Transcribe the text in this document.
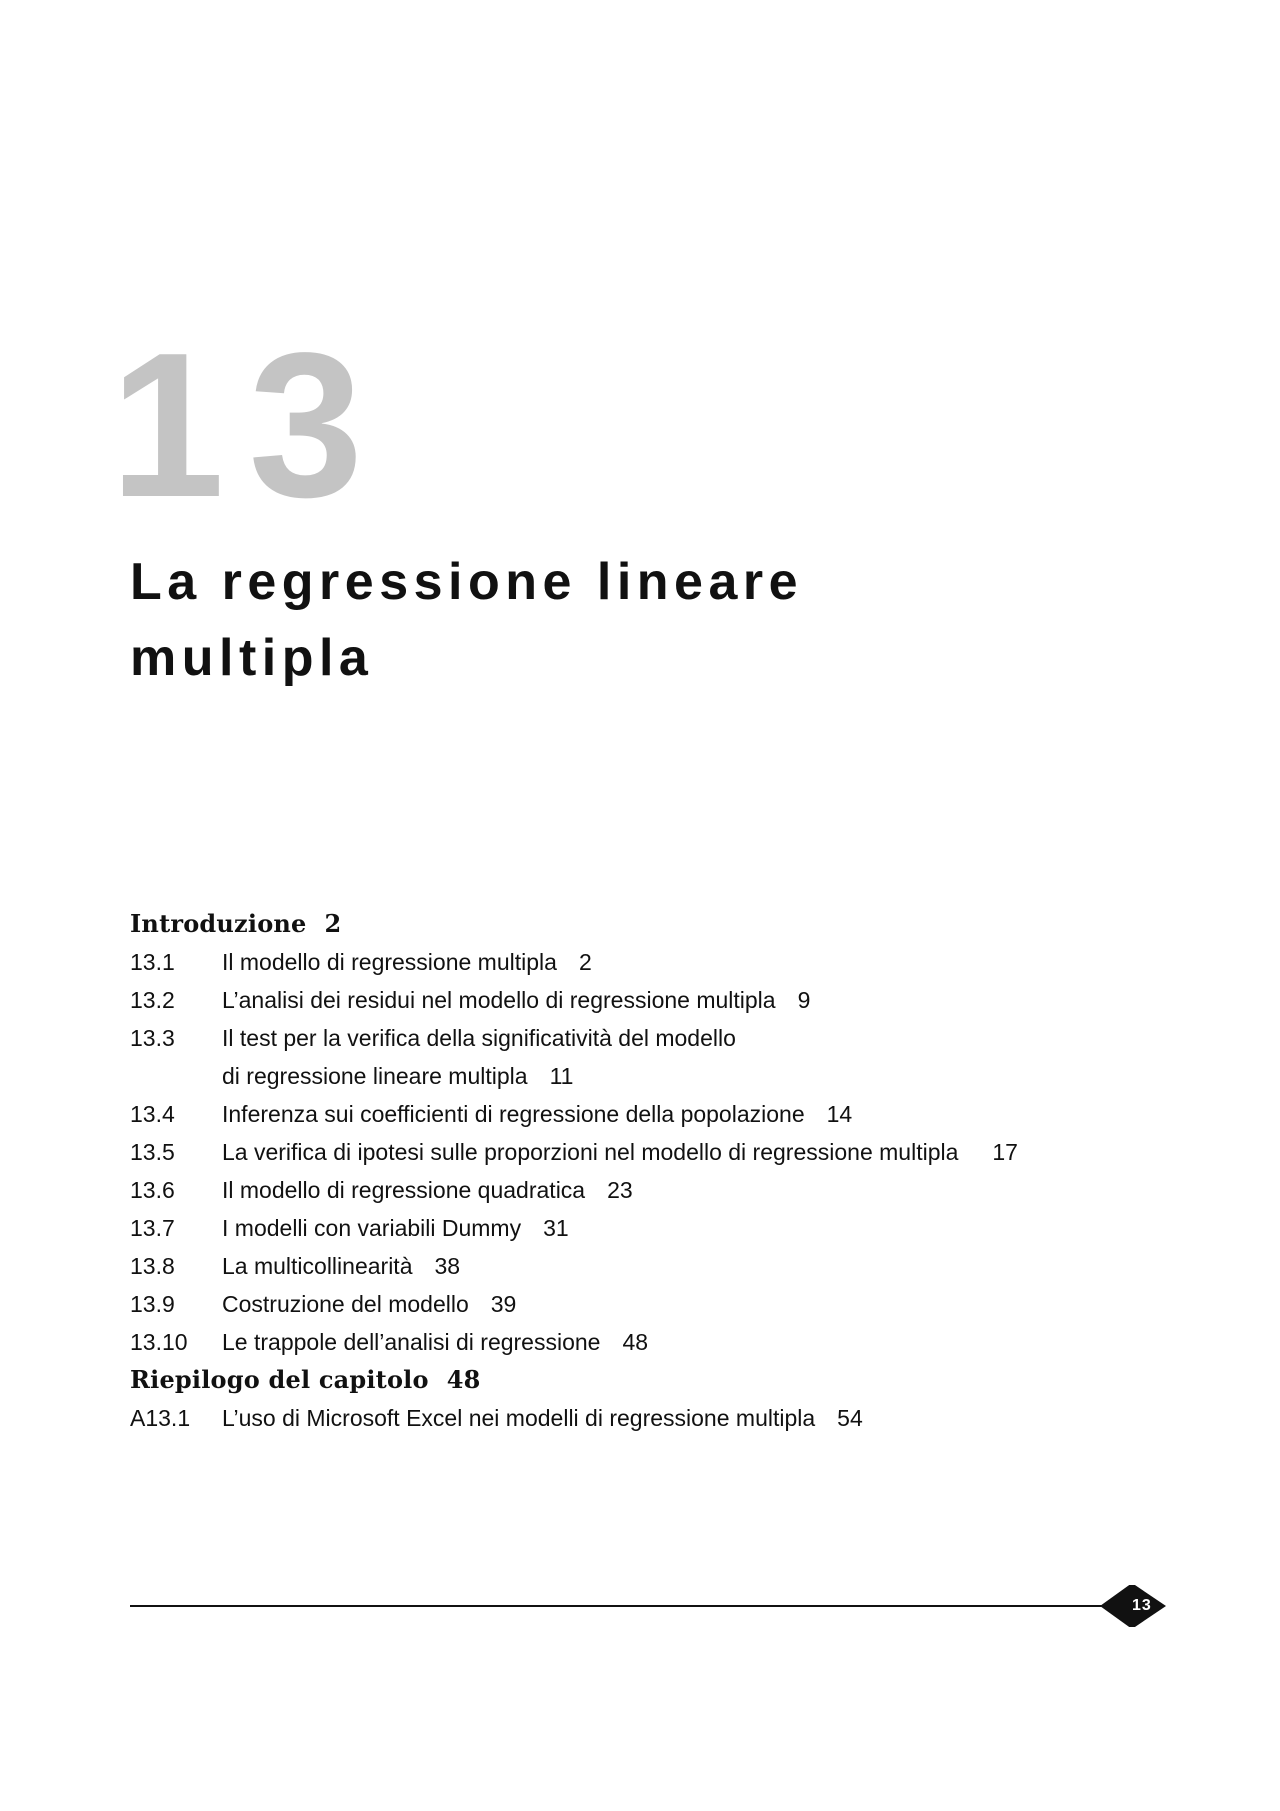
13
La regressione lineare
multipla
Introduzione 2
13.1 Il modello di regressione multipla 2
13.2 L’analisi dei residui nel modello di regressione multipla 9
13.3 Il test per la verifica della significatività del modello
di regressione lineare multipla 11
13.4 Inferenza sui coefficienti di regressione della popolazione 14
13.5 La verifica di ipotesi sulle proporzioni nel modello di regressione multipla 17
13.6 Il modello di regressione quadratica 23
13.7 I modelli con variabili Dummy 31
13.8 La multicollinearità 38
13.9 Costruzione del modello 39
13.10 Le trappole dell’analisi di regressione 48
Riepilogo del capitolo 48
A13.1 L’uso di Microsoft Excel nei modelli di regressione multipla 54
13
